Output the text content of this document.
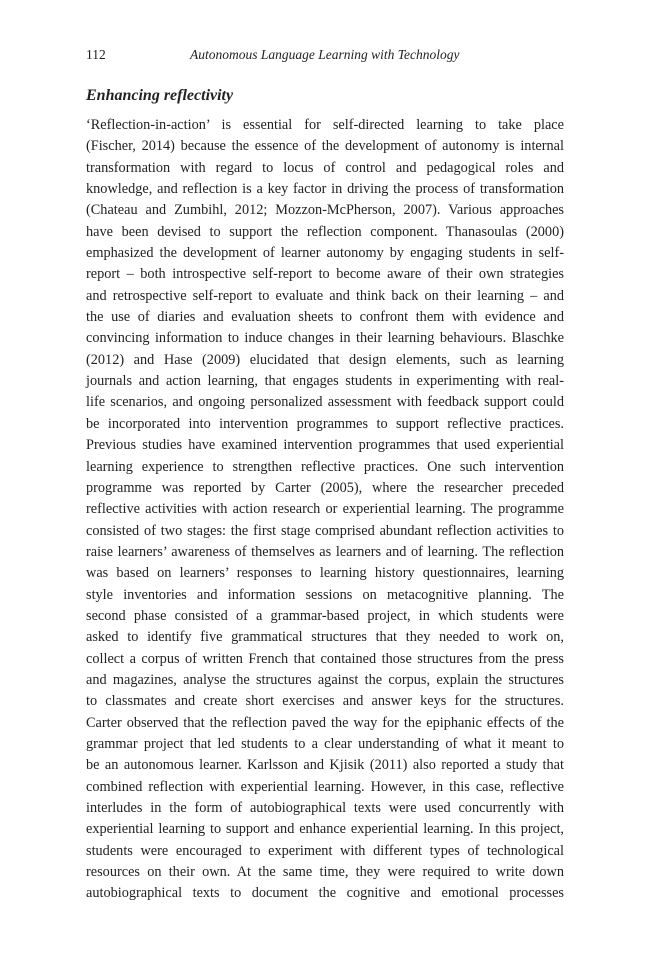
112	Autonomous Language Learning with Technology
Enhancing reflectivity
‘Reflection-in-action’ is essential for self-directed learning to take place
(Fischer, 2014) because the essence of the development of autonomy is internal
transformation with regard to locus of control and pedagogical roles and
knowledge, and reflection is a key factor in driving the process of transformation
(Chateau and Zumbihl, 2012; Mozzon-McPherson, 2007). Various approaches
have been devised to support the reflection component. Thanasoulas (2000)
emphasized the development of learner autonomy by engaging students in self-
report – both introspective self-report to become aware of their own strategies
and retrospective self-report to evaluate and think back on their learning – and
the use of diaries and evaluation sheets to confront them with evidence and
convincing information to induce changes in their learning behaviours. Blaschke
(2012) and Hase (2009) elucidated that design elements, such as learning
journals and action learning, that engages students in experimenting with real-
life scenarios, and ongoing personalized assessment with feedback support could
be incorporated into intervention programmes to support reflective practices.
Previous studies have examined intervention programmes that used experiential
learning experience to strengthen reflective practices. One such intervention
programme was reported by Carter (2005), where the researcher preceded
reflective activities with action research or experiential learning. The programme
consisted of two stages: the first stage comprised abundant reflection activities to
raise learners’ awareness of themselves as learners and of learning. The reflection
was based on learners’ responses to learning history questionnaires, learning
style inventories and information sessions on metacognitive planning. The
second phase consisted of a grammar-based project, in which students were
asked to identify five grammatical structures that they needed to work on,
collect a corpus of written French that contained those structures from the press
and magazines, analyse the structures against the corpus, explain the structures
to classmates and create short exercises and answer keys for the structures.
Carter observed that the reflection paved the way for the epiphanic effects of the
grammar project that led students to a clear understanding of what it meant to
be an autonomous learner. Karlsson and Kjisik (2011) also reported a study that
combined reflection with experiential learning. However, in this case, reflective
interludes in the form of autobiographical texts were used concurrently with
experiential learning to support and enhance experiential learning. In this project,
students were encouraged to experiment with different types of technological
resources on their own. At the same time, they were required to write down
autobiographical texts to document the cognitive and emotional processes
